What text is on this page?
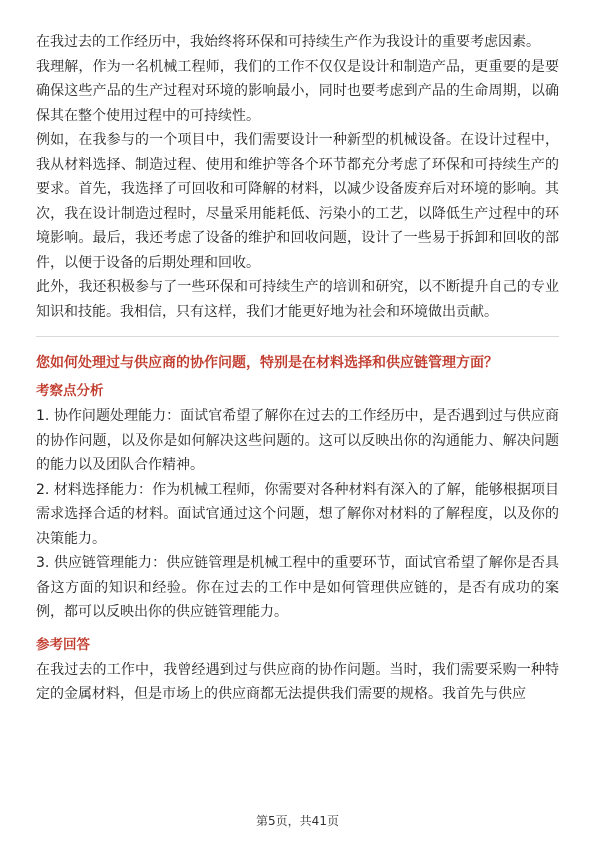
在我过去的工作经历中，我始终将环保和可持续生产作为我设计的重要考虑因素。

我理解，作为一名机械工程师，我们的工作不仅仅是设计和制造产品，更重要的是要确保这些产品的生产过程对环境的影响最小，同时也要考虑到产品的生命周期，以确保其在整个使用过程中的可持续性。

例如，在我参与的一个项目中，我们需要设计一种新型的机械设备。在设计过程中，我从材料选择、制造过程、使用和维护等各个环节都充分考虑了环保和可持续生产的要求。首先，我选择了可回收和可降解的材料，以减少设备废弃后对环境的影响。其次，我在设计制造过程时，尽量采用能耗低、污染小的工艺，以降低生产过程中的环境影响。最后，我还考虑了设备的维护和回收问题，设计了一些易于拆卸和回收的部件，以便于设备的后期处理和回收。

此外，我还积极参与了一些环保和可持续生产的培训和研究，以不断提升自己的专业知识和技能。我相信，只有这样，我们才能更好地为社会和环境做出贡献。

您如何处理过与供应商的协作问题，特别是在材料选择和供应链管理方面？

考察点分析

1. 协作问题处理能力：面试官希望了解你在过去的工作经历中，是否遇到过与供应商的协作问题，以及你是如何解决这些问题的。这可以反映出你的沟通能力、解决问题的能力以及团队合作精神。

2. 材料选择能力：作为机械工程师，你需要对各种材料有深入的了解，能够根据项目需求选择合适的材料。面试官通过这个问题，想了解你对材料的了解程度，以及你的决策能力。

3. 供应链管理能力：供应链管理是机械工程中的重要环节，面试官希望了解你是否具备这方面的知识和经验。你在过去的工作中是如何管理供应链的，是否有成功的案例，都可以反映出你的供应链管理能力。

参考回答

在我过去的工作中，我曾经遇到过与供应商的协作问题。当时，我们需要采购一种特定的金属材料，但是市场上的供应商都无法提供我们需要的规格。我首先与供应

第5页，共41页
